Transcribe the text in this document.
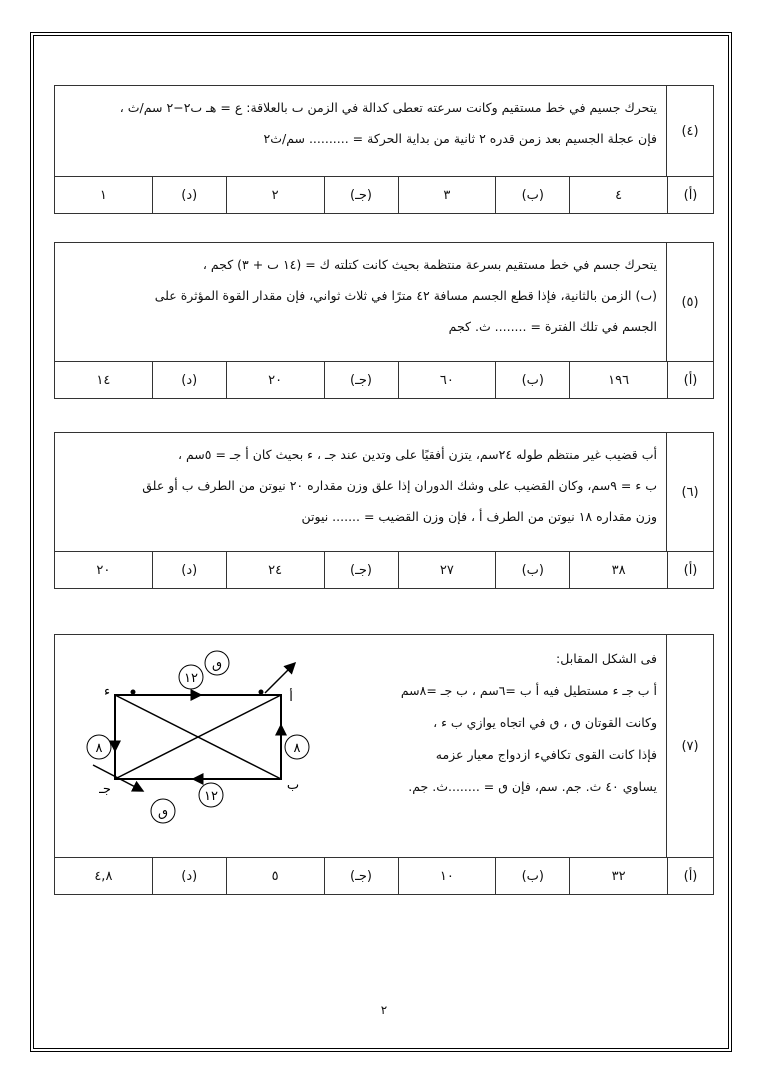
(٤)

يتحرك جسيم في خط مستقيم وكانت سرعته تعطى كدالة في الزمن ٮ بالعلاقة: ع = هـ ٮ٢−٢ سم/ث ،

فإن عجلة الجسيم بعد زمن قدره ٢ ثانية من بداية الحركة = .......... سم/ث٢

(أ)
٤
(ب)
٣
(جـ)
٢
(د)
١
(٥)

يتحرك جسم في خط مستقيم بسرعة منتظمة بحيث كانت كتلته ك = (١٤ ٮ + ٣) كجم ،

(ٮ) الزمن بالثانية، فإذا قطع الجسم مسافة ٤٢ مترًا في ثلاث ثواني، فإن مقدار القوة المؤثرة على

الجسم في تلك الفترة = ........ ث. كجم

(أ)
١٩٦
(ب)
٦٠
(جـ)
٢٠
(د)
١٤
(٦)

أب قضيب غير منتظم طوله ٢٤سم، يتزن أفقيًا على وتدين عند جـ ، ء بحيث كان أ جـ = ٥سم ،

ب ء = ٩سم، وكان القضيب على وشك الدوران إذا علق وزن مقداره ٢٠ نيوتن من الطرف ب أو علق

وزن مقداره ١٨ نيوتن من الطرف أ ، فإن وزن القضيب = ....... نيوتن

(أ)
٣٨
(ب)
٢٧
(جـ)
٢٤
(د)
٢٠
(٧)

فى الشكل المقابل:

أ ب جـ ء مستطيل فيه أ ب =٦سم ، ب جـ =٨سم

وكانت القوتان ٯ ، ٯ في اتجاه يوازي ب ء ،

فإذا كانت القوى تكافيء ازدواج معيار عزمه

يساوي ٤٠ ث. جم. سم، فإن ٯ = ........ث. جم.

١٢
ٯ
٨	٨
١٢
ٯ
أ
ب
جـ
ء
(أ)
٣٢
(ب)
١٠
(جـ)
٥
(د)
٤,٨
٢
